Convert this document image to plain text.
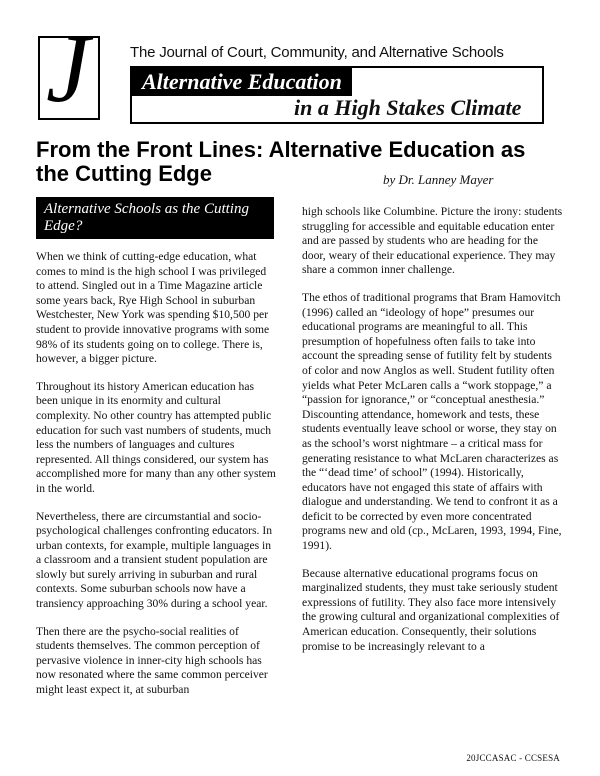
J	The Journal of Court, Community, and Alternative Schools
Alternative Education
in a High Stakes Climate
From the Front Lines: Alternative Education as the Cutting Edge	by Dr. Lanney Mayer
Alternative Schools as the Cutting Edge?

When we think of cutting-edge education, what comes to mind is the high school I was privileged to attend. Singled out in a Time Magazine article some years back, Rye High School in suburban Westchester, New York was spending $10,500 per student to provide innovative programs with some 98% of its students going on to college. There is, however, a bigger picture.

Throughout its history American education has been unique in its enormity and cultural complexity. No other country has attempted public education for such vast numbers of students, much less the numbers of languages and cultures represented. All things considered, our system has accomplished more for many than any other system in the world.

Nevertheless, there are circumstantial and socio-psychological challenges confronting educators. In urban contexts, for example, multiple languages in a classroom and a transient student population are slowly but surely arriving in suburban and rural contexts. Some suburban schools now have a transiency approaching 30% during a school year.

Then there are the psycho-social realities of students themselves. The common perception of pervasive violence in inner-city high schools has now resonated where the same common perceiver might least expect it, at suburban

high schools like Columbine. Picture the irony: students struggling for accessible and equitable education enter and are passed by students who are heading for the door, weary of their educational experience. They may share a common inner challenge.

The ethos of traditional programs that Bram Hamovitch (1996) called an “ideology of hope” presumes our educational programs are meaningful to all. This presumption of hopefulness often fails to take into account the spreading sense of futility felt by students of color and now Anglos as well. Student futility often yields what Peter McLaren calls a “work stoppage,” a “passion for ignorance,” or “conceptual anesthesia.” Discounting attendance, homework and tests, these students eventually leave school or worse, they stay on as the school’s worst nightmare – a critical mass for generating resistance to what McLaren characterizes as the “‘dead time’ of school” (1994). Historically, educators have not engaged this state of affairs with dialogue and understanding. We tend to confront it as a deficit to be corrected by even more concentrated programs new and old (cp., McLaren, 1993, 1994, Fine, 1991).

Because alternative educational programs focus on marginalized students, they must take seriously student expressions of futility. They also face more intensively the growing cultural and organizational complexities of American education. Consequently, their solutions promise to be increasingly relevant to a

20JCCASAC - CCSESA
